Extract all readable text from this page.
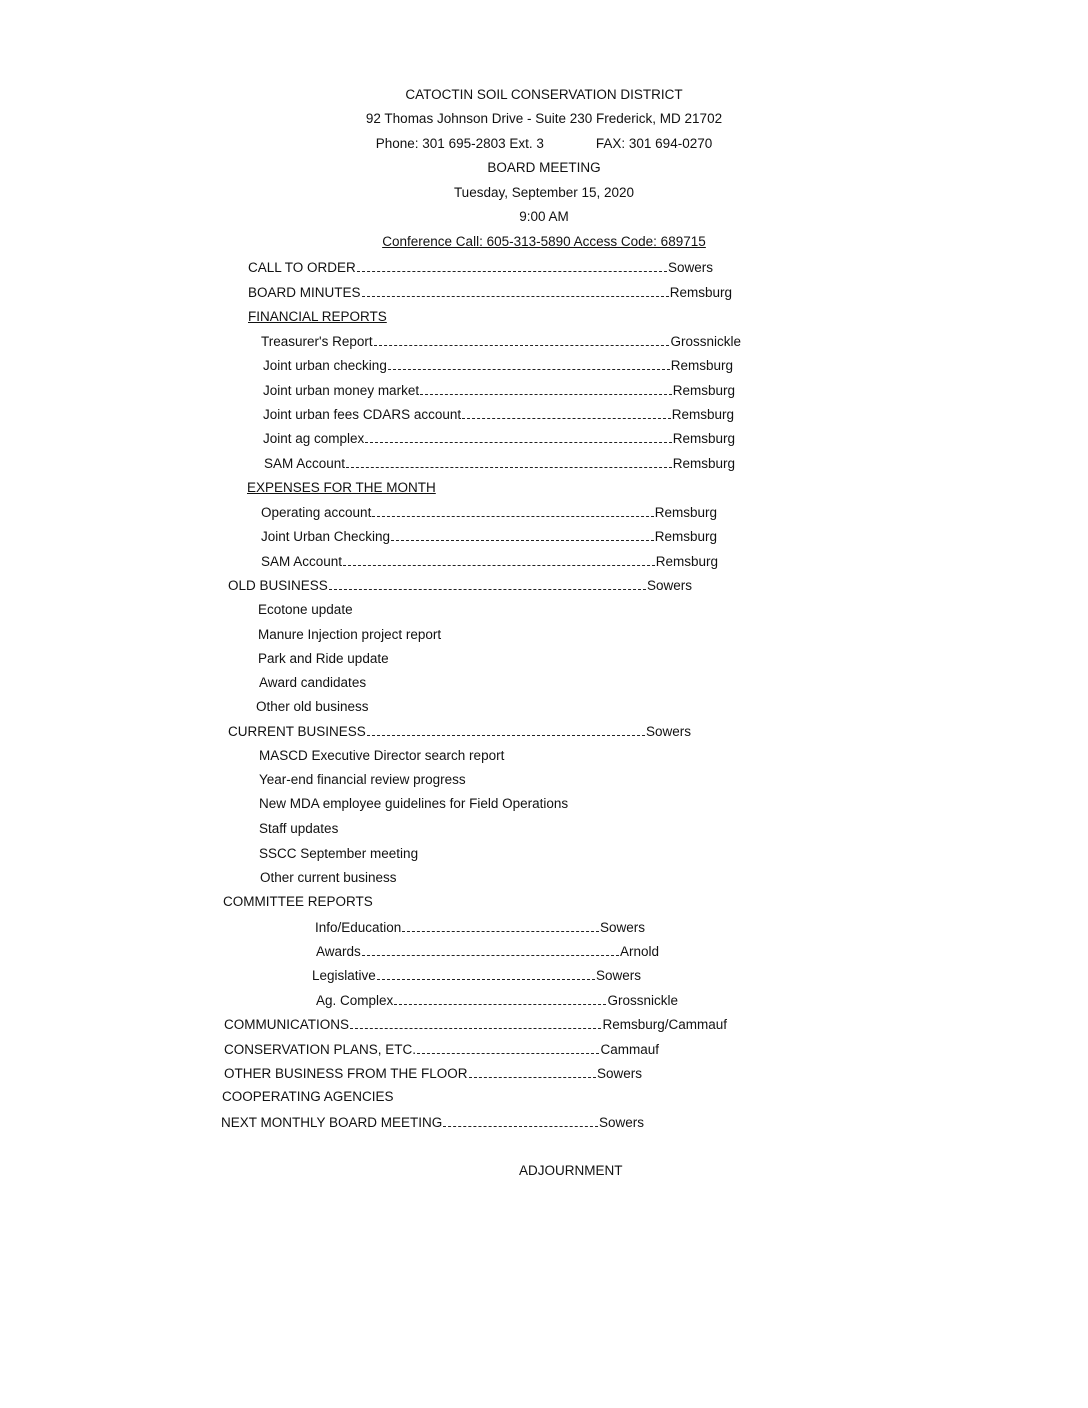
CATOCTIN SOIL CONSERVATION DISTRICT
92 Thomas Johnson Drive - Suite 230 Frederick, MD 21702
Phone: 301 695-2803 Ext. 3	FAX: 301 694-0270
BOARD MEETING
Tuesday, September 15, 2020
9:00 AM
Conference Call: 605-313-5890 Access Code: 689715
CALL TO ORDER	Sowers
BOARD MINUTES	Remsburg
FINANCIAL REPORTS
Treasurer's Report	Grossnickle
Joint urban checking	Remsburg
Joint urban money market	Remsburg
Joint urban fees CDARS account	Remsburg
Joint ag complex	Remsburg
SAM Account	Remsburg
EXPENSES FOR THE MONTH
Operating account	Remsburg
Joint Urban Checking	Remsburg
SAM Account	Remsburg
OLD BUSINESS	Sowers
Ecotone update
Manure Injection project report
Park and Ride update
Award candidates
Other old business
CURRENT BUSINESS	Sowers
MASCD Executive Director search report
Year-end financial review progress
New MDA employee guidelines for Field Operations
Staff updates
SSCC September meeting
Other current business
COMMITTEE REPORTS
Info/Education	Sowers
Awards	Arnold
Legislative	Sowers
Ag. Complex	Grossnickle
COMMUNICATIONS	Remsburg/Cammauf
CONSERVATION PLANS, ETC.	Cammauf
OTHER BUSINESS FROM THE FLOOR	Sowers
COOPERATING AGENCIES
NEXT MONTHLY BOARD MEETING	Sowers
ADJOURNMENT
